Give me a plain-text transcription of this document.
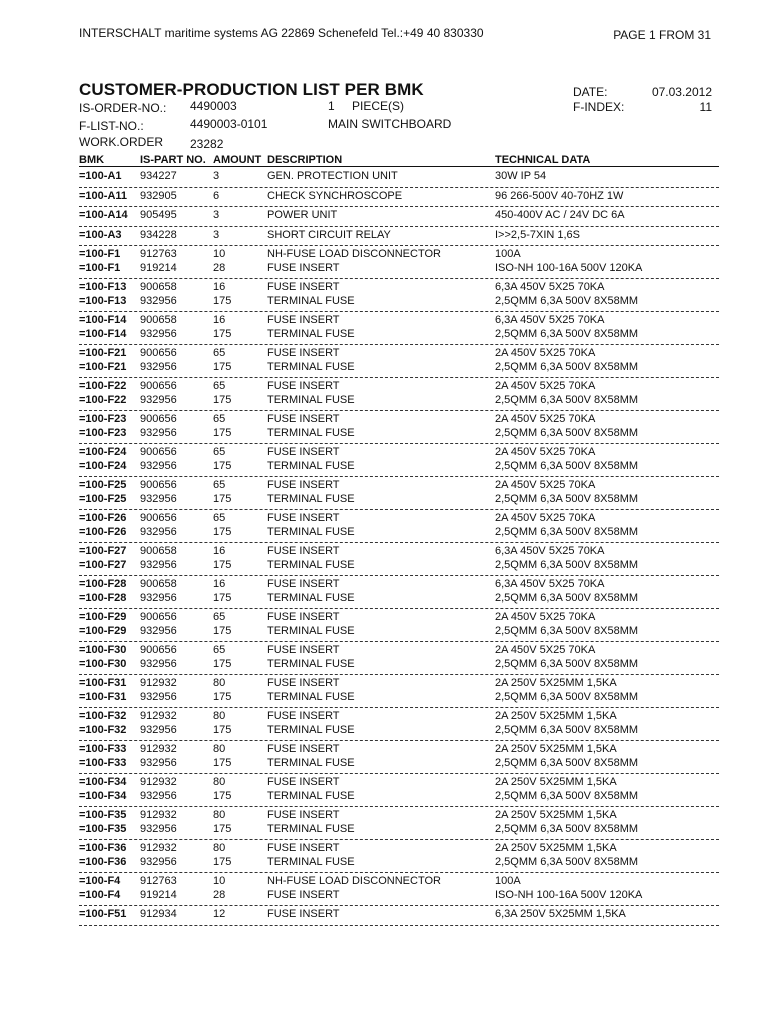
INTERSCHALT maritime systems AG 22869 Schenefeld Tel.:+49 40 830330	PAGE 1 FROM 31
CUSTOMER-PRODUCTION LIST PER BMK
IS-ORDER-NO.: 4490003	1 PIECE(S)
F-LIST-NO.:	4490003-0101	MAIN SWITCHBOARD
WORK.ORDER 23282
DATE:	07.03.2012
F-INDEX:	11
BMK	IS-PART NO. AMOUNT DESCRIPTION	TECHNICAL DATA
=100-A1 934227	3	GEN. PROTECTION UNIT	30W IP 54
=100-A11 932905	6	CHECK SYNCHROSCOPE	96 266-500V 40-70HZ 1W
=100-A14 905495	3	POWER UNIT	450-400V AC / 24V DC 6A
=100-A3 934228	3	SHORT CIRCUIT RELAY	I>>2,5-7XIN 1,6S
=100-F1 912763	10	NH-FUSE LOAD DISCONNECTOR	100A
=100-F1 919214	28	FUSE INSERT	ISO-NH 100-16A 500V 120KA
=100-F13 900658	16	FUSE INSERT	6,3A 450V 5X25 70KA
=100-F13 932956	175	TERMINAL FUSE	2,5QMM 6,3A 500V 8X58MM
=100-F14 900658	16	FUSE INSERT	6,3A 450V 5X25 70KA
=100-F14 932956	175	TERMINAL FUSE	2,5QMM 6,3A 500V 8X58MM
=100-F21 900656	65	FUSE INSERT	2A 450V 5X25 70KA
=100-F21 932956	175	TERMINAL FUSE	2,5QMM 6,3A 500V 8X58MM
=100-F22 900656	65	FUSE INSERT	2A 450V 5X25 70KA
=100-F22 932956	175	TERMINAL FUSE	2,5QMM 6,3A 500V 8X58MM
=100-F23 900656	65	FUSE INSERT	2A 450V 5X25 70KA
=100-F23 932956	175	TERMINAL FUSE	2,5QMM 6,3A 500V 8X58MM
=100-F24 900656	65	FUSE INSERT	2A 450V 5X25 70KA
=100-F24 932956	175	TERMINAL FUSE	2,5QMM 6,3A 500V 8X58MM
=100-F25 900656	65	FUSE INSERT	2A 450V 5X25 70KA
=100-F25 932956	175	TERMINAL FUSE	2,5QMM 6,3A 500V 8X58MM
=100-F26 900656	65	FUSE INSERT	2A 450V 5X25 70KA
=100-F26 932956	175	TERMINAL FUSE	2,5QMM 6,3A 500V 8X58MM
=100-F27 900658	16	FUSE INSERT	6,3A 450V 5X25 70KA
=100-F27 932956	175	TERMINAL FUSE	2,5QMM 6,3A 500V 8X58MM
=100-F28 900658	16	FUSE INSERT	6,3A 450V 5X25 70KA
=100-F28 932956	175	TERMINAL FUSE	2,5QMM 6,3A 500V 8X58MM
=100-F29 900656	65	FUSE INSERT	2A 450V 5X25 70KA
=100-F29 932956	175	TERMINAL FUSE	2,5QMM 6,3A 500V 8X58MM
=100-F30 900656	65	FUSE INSERT	2A 450V 5X25 70KA
=100-F30 932956	175	TERMINAL FUSE	2,5QMM 6,3A 500V 8X58MM
=100-F31 912932	80	FUSE INSERT	2A 250V 5X25MM 1,5KA
=100-F31 932956	175	TERMINAL FUSE	2,5QMM 6,3A 500V 8X58MM
=100-F32 912932	80	FUSE INSERT	2A 250V 5X25MM 1,5KA
=100-F32 932956	175	TERMINAL FUSE	2,5QMM 6,3A 500V 8X58MM
=100-F33 912932	80	FUSE INSERT	2A 250V 5X25MM 1,5KA
=100-F33 932956	175	TERMINAL FUSE	2,5QMM 6,3A 500V 8X58MM
=100-F34 912932	80	FUSE INSERT	2A 250V 5X25MM 1,5KA
=100-F34 932956	175	TERMINAL FUSE	2,5QMM 6,3A 500V 8X58MM
=100-F35 912932	80	FUSE INSERT	2A 250V 5X25MM 1,5KA
=100-F35 932956	175	TERMINAL FUSE	2,5QMM 6,3A 500V 8X58MM
=100-F36 912932	80	FUSE INSERT	2A 250V 5X25MM 1,5KA
=100-F36 932956	175	TERMINAL FUSE	2,5QMM 6,3A 500V 8X58MM
=100-F4 912763	10	NH-FUSE LOAD DISCONNECTOR	100A
=100-F4 919214	28	FUSE INSERT	ISO-NH 100-16A 500V 120KA
=100-F51 912934	12	FUSE INSERT	6,3A 250V 5X25MM 1,5KA
